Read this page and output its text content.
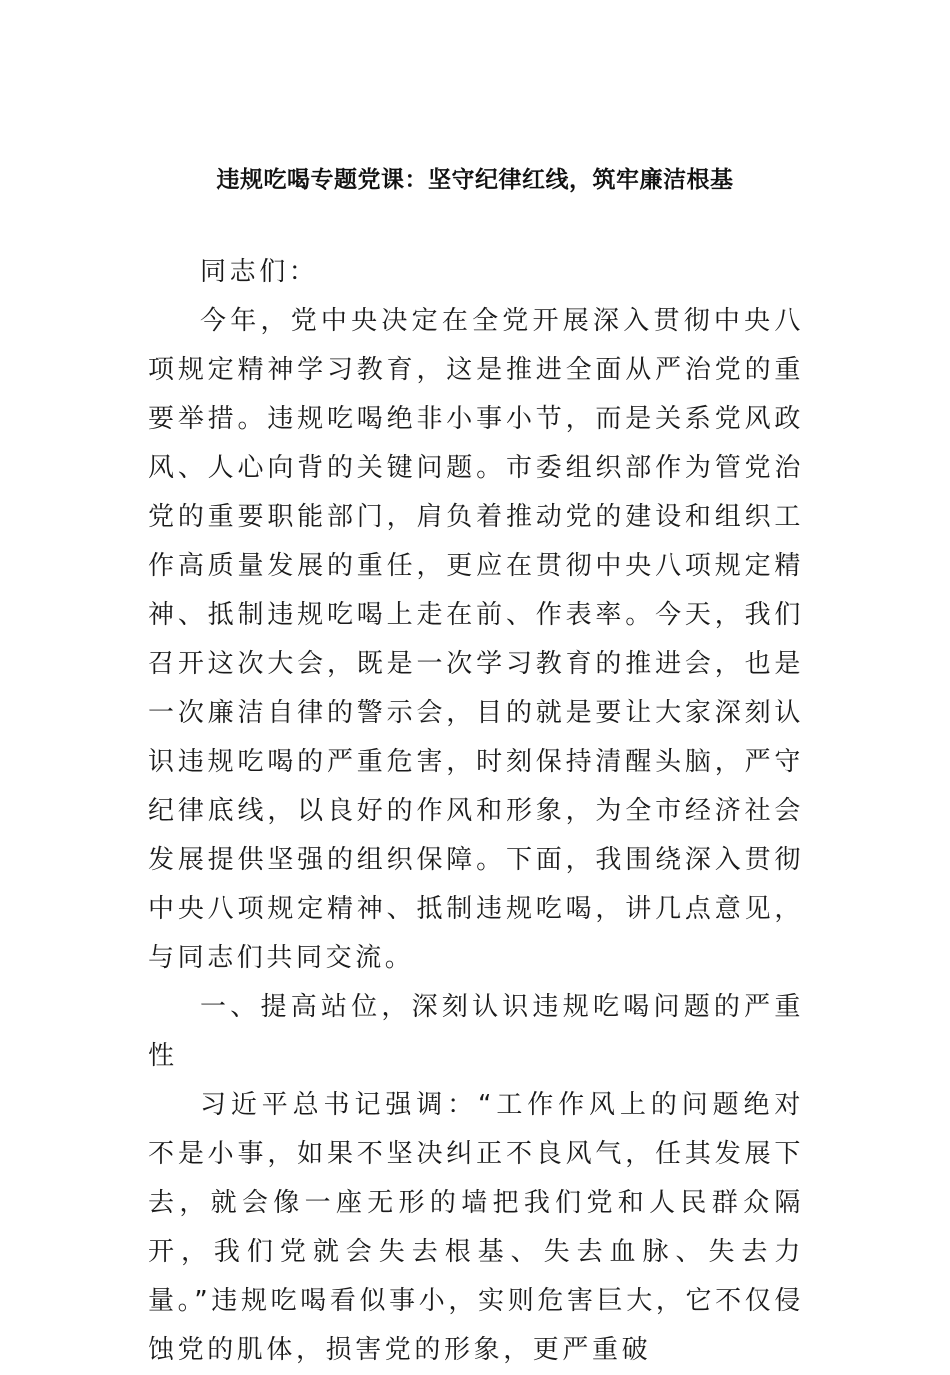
违规吃喝专题党课：坚守纪律红线，筑牢廉洁根基

同志们：

今年，党中央决定在全党开展深入贯彻中央八项规定精神学习教育，这是推进全面从严治党的重要举措。违规吃喝绝非小事小节，而是关系党风政风、人心向背的关键问题。市委组织部作为管党治党的重要职能部门，肩负着推动党的建设和组织工作高质量发展的重任，更应在贯彻中央八项规定精神、抵制违规吃喝上走在前、作表率。今天，我们召开这次大会，既是一次学习教育的推进会，也是一次廉洁自律的警示会，目的就是要让大家深刻认识违规吃喝的严重危害，时刻保持清醒头脑，严守纪律底线，以良好的作风和形象，为全市经济社会发展提供坚强的组织保障。下面，我围绕深入贯彻中央八项规定精神、抵制违规吃喝，讲几点意见，与同志们共同交流。

一、提高站位，深刻认识违规吃喝问题的严重性

习近平总书记强调：“工作作风上的问题绝对不是小事，如果不坚决纠正不良风气，任其发展下去，就会像一座无形的墙把我们党和人民群众隔开，我们党就会失去根基、失去血脉、失去力量。”违规吃喝看似事小，实则危害巨大，它不仅侵蚀党的肌体，损害党的形象，更严重破
